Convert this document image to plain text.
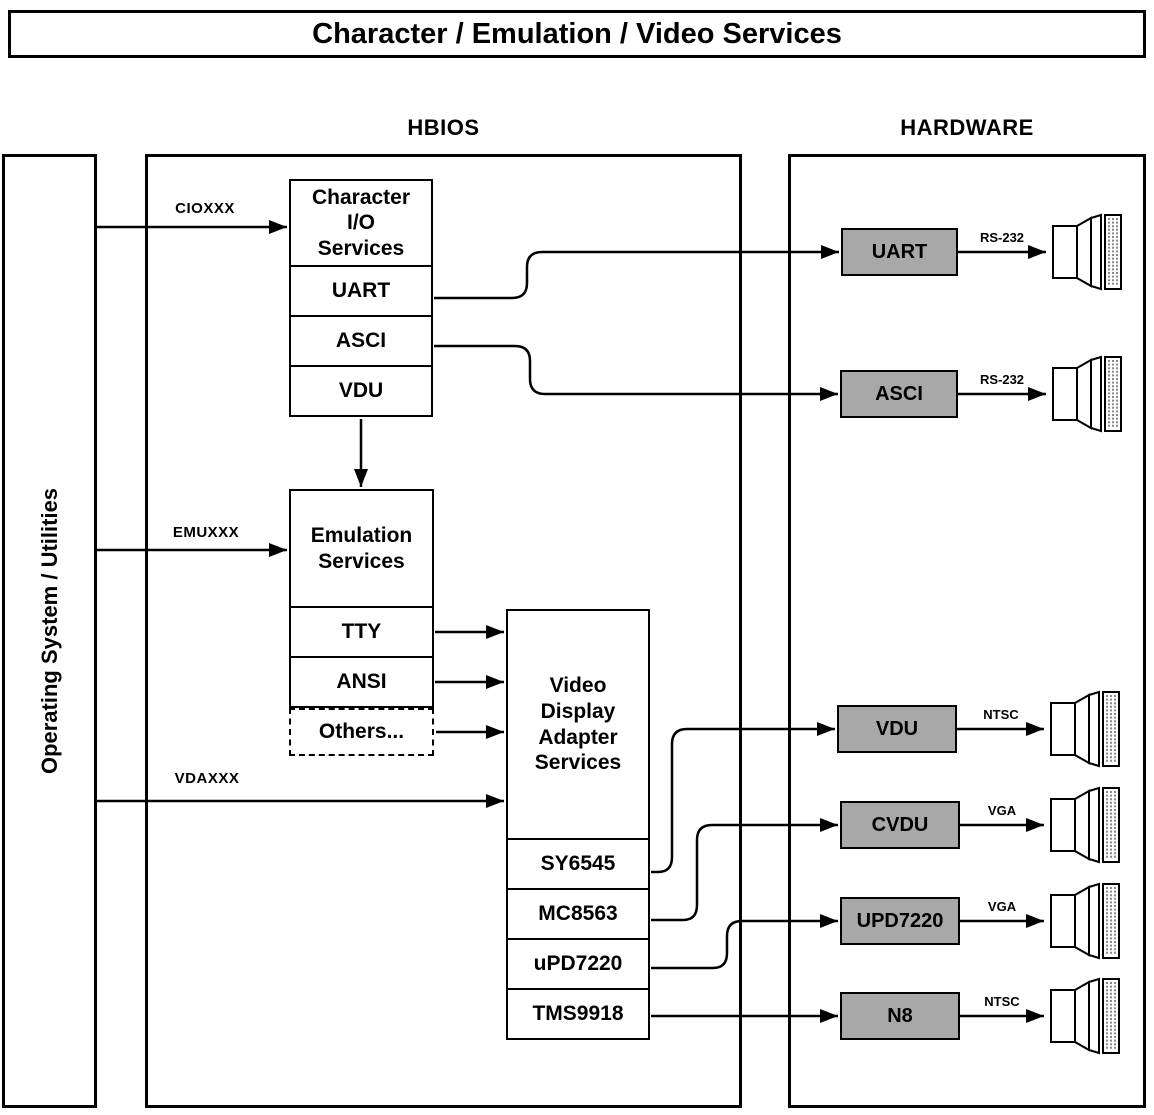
Character / Emulation / Video Services
HBIOS	HARDWARE
Operating System / Utilities
Character I/O Services
UART
ASCI
VDU
Emulation Services
TTY
ANSI
Others...
Video Display Adapter Services
SY6545
MC8563
uPD7220
TMS9918
CIOXXX
EMUXXX
VDAXXX
UART
ASCI
VDU
CVDU
UPD7220
N8
RS-232
RS-232
NTSC
VGA
VGA
NTSC
